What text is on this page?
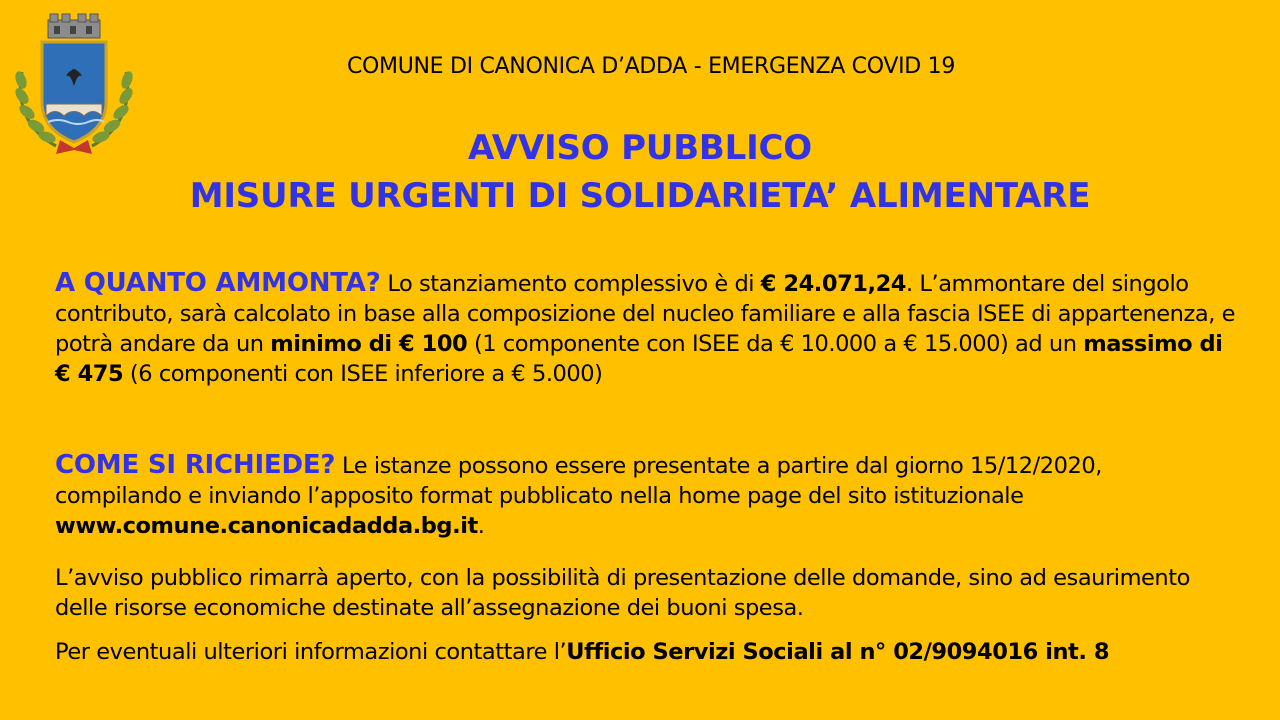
COMUNE DI CANONICA D’ADDA - EMERGENZA COVID 19
AVVISO PUBBLICO
MISURE URGENTI DI SOLIDARIETA’ ALIMENTARE
A QUANTO AMMONTA? Lo stanziamento complessivo è di € 24.071,24. L’ammontare del singolo contributo, sarà calcolato in base alla composizione del nucleo familiare e alla fascia ISEE di appartenenza, e potrà andare da un minimo di € 100 (1 componente con ISEE da € 10.000 a € 15.000) ad un massimo di € 475 (6 componenti con ISEE inferiore a € 5.000)
COME SI RICHIEDE? Le istanze possono essere presentate a partire dal giorno 15/12/2020, compilando e inviando l’apposito format pubblicato nella home page del sito istituzionale www.comune.canonicadadda.bg.it.
L’avviso pubblico rimarrà aperto, con la possibilità di presentazione delle domande, sino ad esaurimento delle risorse economiche destinate all’assegnazione dei buoni spesa.
Per eventuali ulteriori informazioni contattare l’Ufficio Servizi Sociali al n° 02/9094016 int. 8
